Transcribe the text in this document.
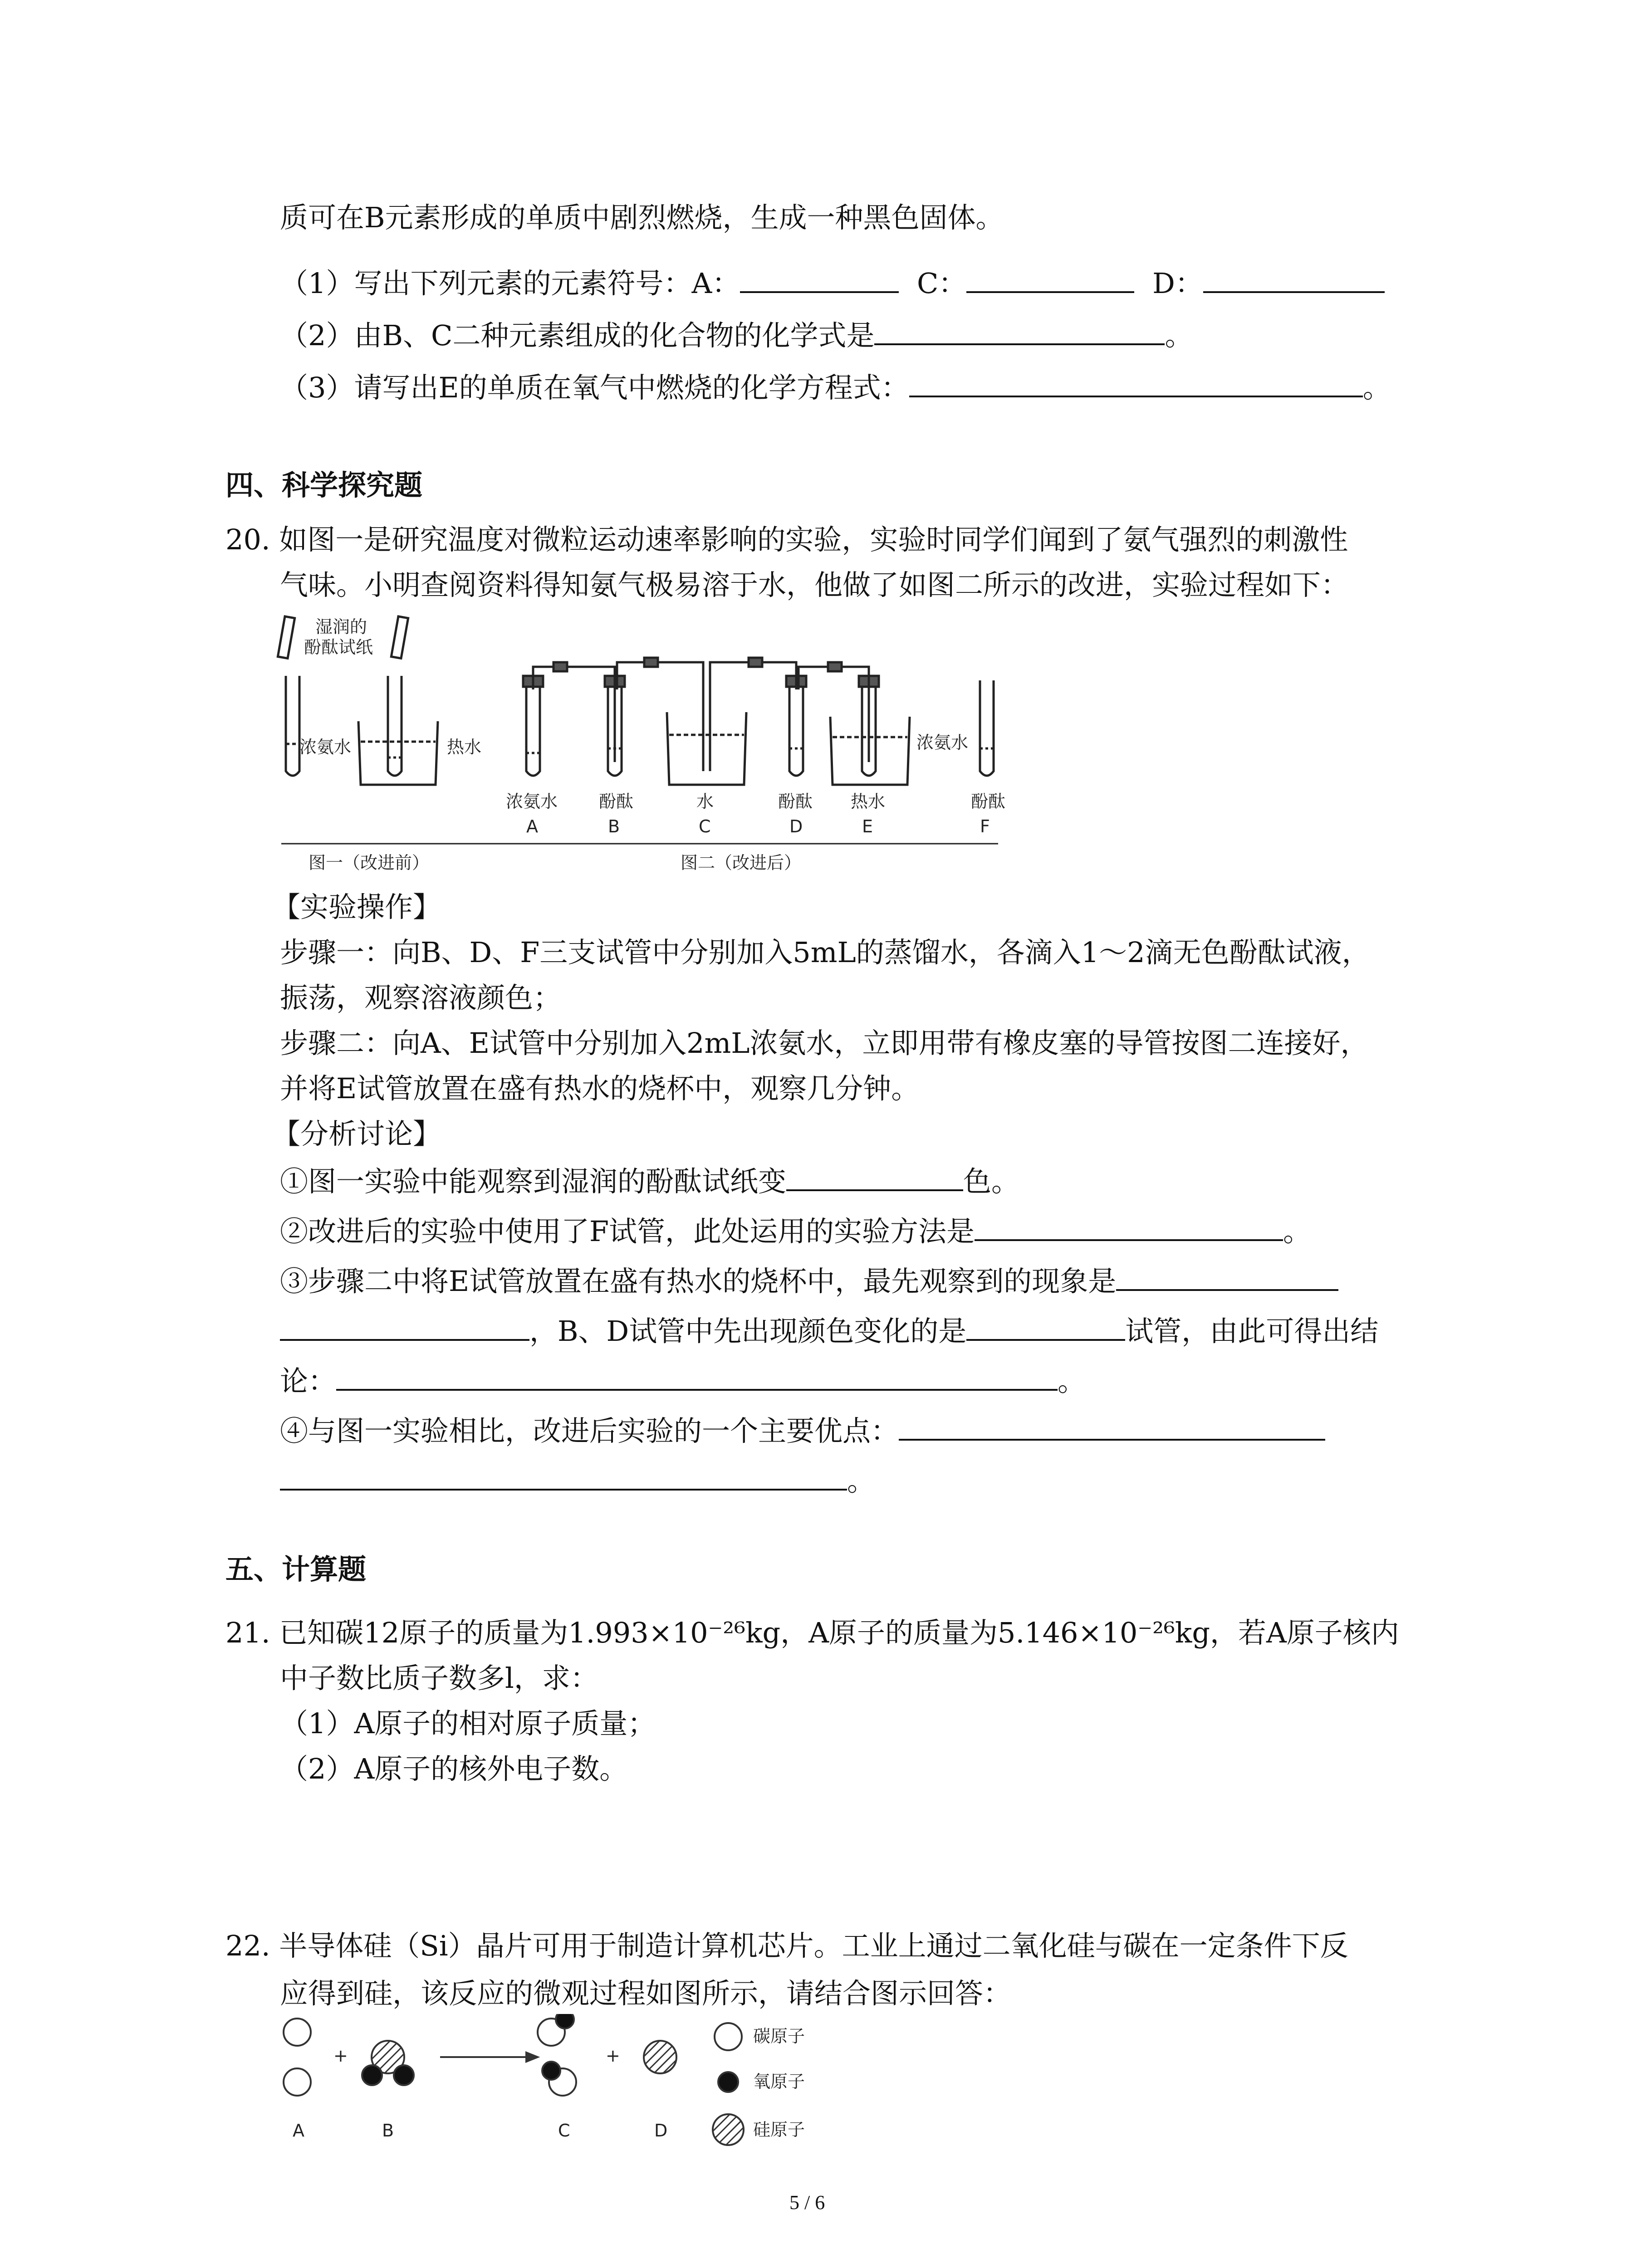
质可在B元素形成的单质中剧烈燃烧，生成一种黑色固体。
（1）写出下列元素的元素符号：A：	C：	D：
（2）由B、C二种元素组成的化合物的化学式是	。
（3）请写出E的单质在氧气中燃烧的化学方程式：	。
四、科学探究题
20. 如图一是研究温度对微粒运动速率影响的实验，实验时同学们闻到了氨气强烈的刺激性
气味。小明查阅资料得知氨气极易溶于水，他做了如图二所示的改进，实验过程如下：
湿润的
酚酞试纸
浓氨水	热水	浓氨水
浓氨水
A
酚酞
B
水
C
酚酞
D
热水
E
酚酞
F
图一（改进前）	图二（改进后）
【实验操作】
步骤一：向B、D、F三支试管中分别加入5mL的蒸馏水，各滴入1～2滴无色酚酞试液，
振荡，观察溶液颜色；
步骤二：向A、E试管中分别加入2mL浓氨水，立即用带有橡皮塞的导管按图二连接好，
并将E试管放置在盛有热水的烧杯中，观察几分钟。
【分析讨论】
①图一实验中能观察到湿润的酚酞试纸变	色。
②改进后的实验中使用了F试管，此处运用的实验方法是	。
③步骤二中将E试管放置在盛有热水的烧杯中，最先观察到的现象是
，B、D试管中先出现颜色变化的是	试管，由此可得出结
论：	。
④与图一实验相比，改进后实验的一个主要优点：
。
五、计算题
21. 已知碳12原子的质量为1.993×10⁻²⁶kg，A原子的质量为5.146×10⁻²⁶kg，若A原子核内
中子数比质子数多l，求：
（1）A原子的相对原子质量；
（2）A原子的核外电子数。
22. 半导体硅（Si）晶片可用于制造计算机芯片。工业上通过二氧化硅与碳在一定条件下反
应得到硅，该反应的微观过程如图所示，请结合图示回答：
+	+
A	B	C	D
碳原子
氧原子
硅原子
5 / 6
